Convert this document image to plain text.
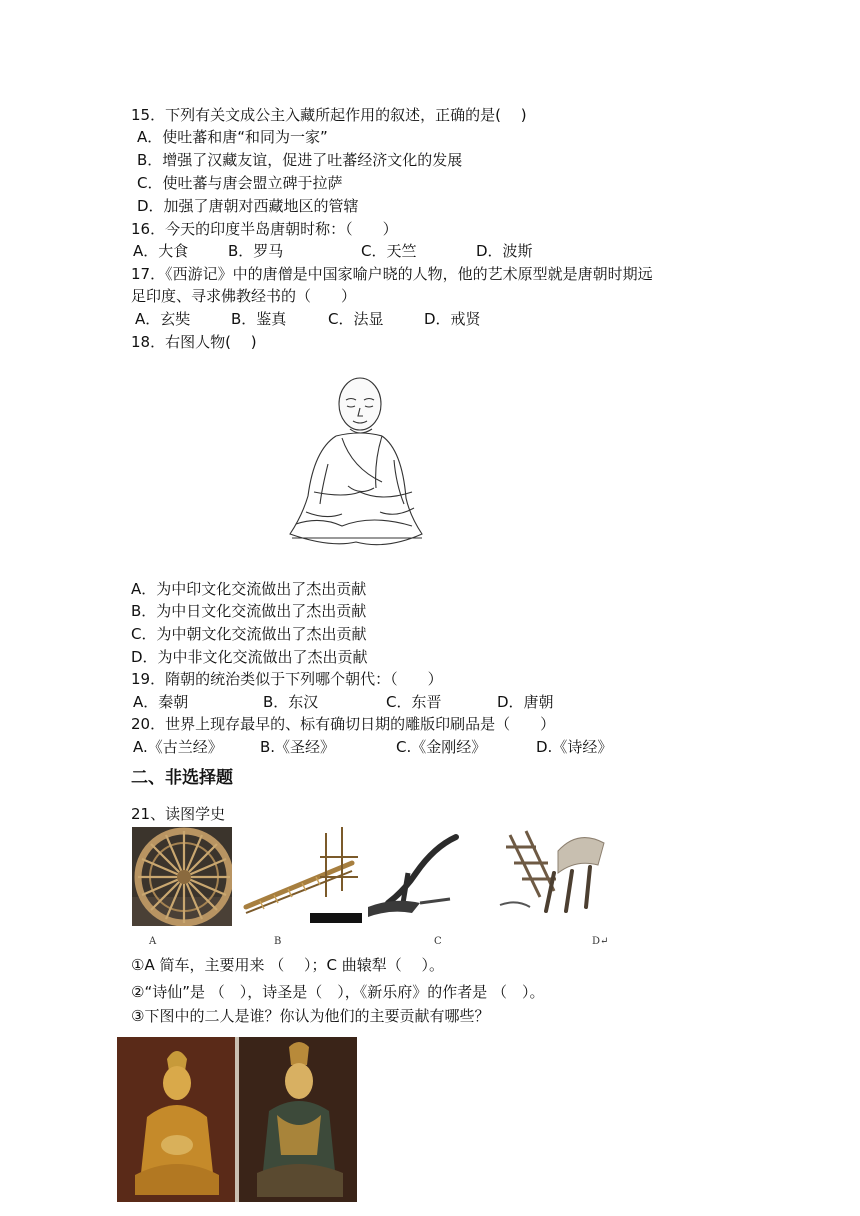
15．下列有关文成公主入藏所起作用的叙述，正确的是(　 )
A．使吐蕃和唐“和同为一家”
B．增强了汉藏友谊，促进了吐蕃经济文化的发展
C．使吐蕃与唐会盟立碑于拉萨
D．加强了唐朝对西藏地区的管辖
16．今天的印度半岛唐朝时称：（　　）
A．大食	B．罗马	C．天竺	D．波斯
17．《西游记》中的唐僧是中国家喻户晓的人物，他的艺术原型就是唐朝时期远
足印度、寻求佛教经书的（　　）
A．玄奘	B．鉴真	C．法显	D．戒贤
18．右图人物(　 )
A．为中印文化交流做出了杰出贡献
B．为中日文化交流做出了杰出贡献
C．为中朝文化交流做出了杰出贡献
D．为中非文化交流做出了杰出贡献
19．隋朝的统治类似于下列哪个朝代：（　　）
A．秦朝	B．东汉	C．东晋	D．唐朝
20．世界上现存最早的、标有确切日期的雕版印刷品是（　　）
A.《古兰经》 B.《圣经》	C.《金刚经》	D.《诗经》
二、非选择题
21、读图学史
A	B	C	D↵
①A 简车，主要用来 （　 ）；C 曲辕犁（　 ）。
②“诗仙”是 （　），诗圣是（　），《新乐府》的作者是 （　）。
③下图中的二人是谁？你认为他们的主要贡献有哪些？
